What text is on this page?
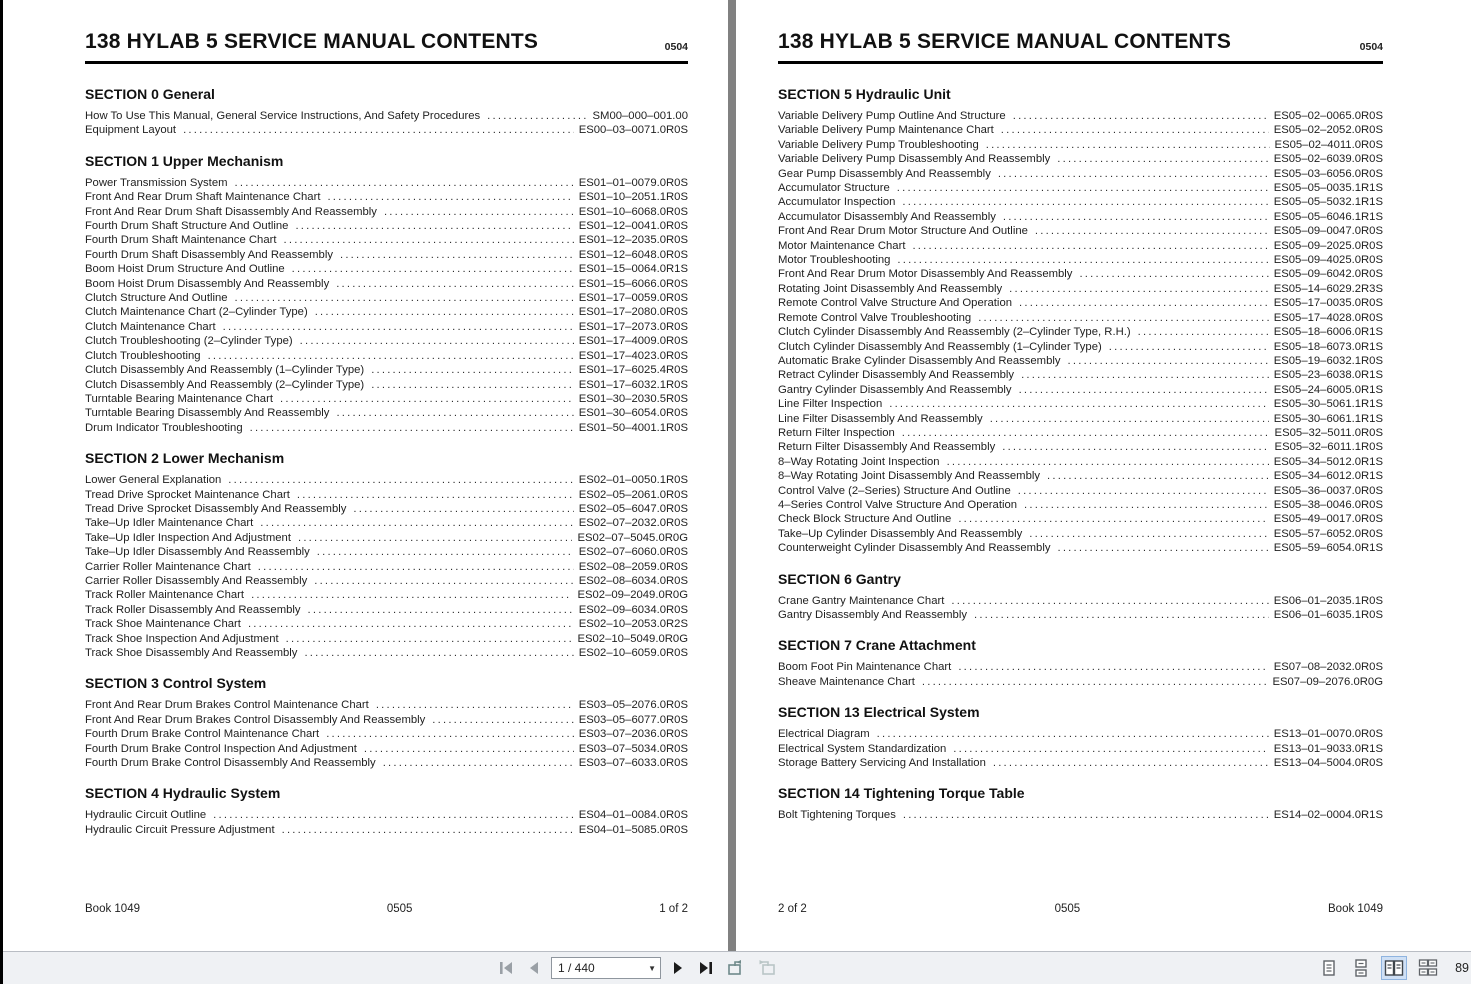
138 HYLAB 5 SERVICE MANUAL CONTENTS	0504
SECTION 0 General
How To Use This Manual, General Service Instructions, And Safety Procedures .....	SM00–000–001.00
Equipment Layout .....	ES00–03–0071.0R0S
SECTION 1 Upper Mechanism
Power Transmission System .....	ES01–01–0079.0R0S
Front And Rear Drum Shaft Maintenance Chart .....	ES01–10–2051.1R0S
Front And Rear Drum Shaft Disassembly And Reassembly .....	ES01–10–6068.0R0S
Fourth Drum Shaft Structure And Outline .....	ES01–12–0041.0R0S
Fourth Drum Shaft Maintenance Chart .....	ES01–12–2035.0R0S
Fourth Drum Shaft Disassembly And Reassembly .....	ES01–12–6048.0R0S
Boom Hoist Drum Structure And Outline .....	ES01–15–0064.0R1S
Boom Hoist Drum Disassembly And Reassembly .....	ES01–15–6066.0R0S
Clutch Structure And Outline .....	ES01–17–0059.0R0S
Clutch Maintenance Chart (2–Cylinder Type) .....	ES01–17–2080.0R0S
Clutch Maintenance Chart .....	ES01–17–2073.0R0S
Clutch Troubleshooting (2–Cylinder Type) .....	ES01–17–4009.0R0S
Clutch Troubleshooting .....	ES01–17–4023.0R0S
Clutch Disassembly And Reassembly (1–Cylinder Type) .....	ES01–17–6025.4R0S
Clutch Disassembly And Reassembly (2–Cylinder Type) .....	ES01–17–6032.1R0S
Turntable Bearing Maintenance Chart .....	ES01–30–2030.5R0S
Turntable Bearing Disassembly And Reassembly .....	ES01–30–6054.0R0S
Drum Indicator Troubleshooting .....	ES01–50–4001.1R0S
SECTION 2 Lower Mechanism
Lower General Explanation .....	ES02–01–0050.1R0S
Tread Drive Sprocket Maintenance Chart .....	ES02–05–2061.0R0S
Tread Drive Sprocket Disassembly And Reassembly .....	ES02–05–6047.0R0S
Take–Up Idler Maintenance Chart .....	ES02–07–2032.0R0S
Take–Up Idler Inspection And Adjustment .....	ES02–07–5045.0R0G
Take–Up Idler Disassembly And Reassembly .....	ES02–07–6060.0R0S
Carrier Roller Maintenance Chart .....	ES02–08–2059.0R0S
Carrier Roller Disassembly And Reassembly .....	ES02–08–6034.0R0S
Track Roller Maintenance Chart .....	ES02–09–2049.0R0G
Track Roller Disassembly And Reassembly .....	ES02–09–6034.0R0S
Track Shoe Maintenance Chart .....	ES02–10–2053.0R2S
Track Shoe Inspection And Adjustment .....	ES02–10–5049.0R0G
Track Shoe Disassembly And Reassembly .....	ES02–10–6059.0R0S
SECTION 3 Control System
Front And Rear Drum Brakes Control Maintenance Chart .....	ES03–05–2076.0R0S
Front And Rear Drum Brakes Control Disassembly And Reassembly .....	ES03–05–6077.0R0S
Fourth Drum Brake Control Maintenance Chart .....	ES03–07–2036.0R0S
Fourth Drum Brake Control Inspection And Adjustment .....	ES03–07–5034.0R0S
Fourth Drum Brake Control Disassembly And Reassembly .....	ES03–07–6033.0R0S
SECTION 4 Hydraulic System
Hydraulic Circuit Outline .....	ES04–01–0084.0R0S
Hydraulic Circuit Pressure Adjustment .....	ES04–01–5085.0R0S
Book 1049	0505	1 of 2
138 HYLAB 5 SERVICE MANUAL CONTENTS	0504
SECTION 5 Hydraulic Unit
Variable Delivery Pump Outline And Structure .....	ES05–02–0065.0R0S
Variable Delivery Pump Maintenance Chart .....	ES05–02–2052.0R0S
Variable Delivery Pump Troubleshooting .....	ES05–02–4011.0R0S
Variable Delivery Pump Disassembly And Reassembly .....	ES05–02–6039.0R0S
Gear Pump Disassembly And Reassembly .....	ES05–03–6056.0R0S
Accumulator Structure .....	ES05–05–0035.1R1S
Accumulator Inspection .....	ES05–05–5032.1R1S
Accumulator Disassembly And Reassembly .....	ES05–05–6046.1R1S
Front And Rear Drum Motor Structure And Outline .....	ES05–09–0047.0R0S
Motor Maintenance Chart .....	ES05–09–2025.0R0S
Motor Troubleshooting .....	ES05–09–4025.0R0S
Front And Rear Drum Motor Disassembly And Reassembly .....	ES05–09–6042.0R0S
Rotating Joint Disassembly And Reassembly .....	ES05–14–6029.2R3S
Remote Control Valve Structure And Operation .....	ES05–17–0035.0R0S
Remote Control Valve Troubleshooting .....	ES05–17–4028.0R0S
Clutch Cylinder Disassembly And Reassembly (2–Cylinder Type, R.H.) .....	ES05–18–6006.0R1S
Clutch Cylinder Disassembly And Reassembly (1–Cylinder Type) .....	ES05–18–6073.0R1S
Automatic Brake Cylinder Disassembly And Reassembly .....	ES05–19–6032.1R0S
Retract Cylinder Disassembly And Reassembly .....	ES05–23–6038.0R1S
Gantry Cylinder Disassembly And Reassembly .....	ES05–24–6005.0R1S
Line Filter Inspection .....	ES05–30–5061.1R1S
Line Filter Disassembly And Reassembly .....	ES05–30–6061.1R1S
Return Filter Inspection .....	ES05–32–5011.0R0S
Return Filter Disassembly And Reassembly .....	ES05–32–6011.1R0S
8–Way Rotating Joint Inspection .....	ES05–34–5012.0R1S
8–Way Rotating Joint Disassembly And Reassembly .....	ES05–34–6012.0R1S
Control Valve (2–Series) Structure And Outline .....	ES05–36–0037.0R0S
4–Series Control Valve Structure And Operation .....	ES05–38–0046.0R0S
Check Block Structure And Outline .....	ES05–49–0017.0R0S
Take–Up Cylinder Disassembly And Reassembly .....	ES05–57–6052.0R0S
Counterweight Cylinder Disassembly And Reassembly .....	ES05–59–6054.0R1S
SECTION 6 Gantry
Crane Gantry Maintenance Chart .....	ES06–01–2035.1R0S
Gantry Disassembly And Reassembly .....	ES06–01–6035.1R0S
SECTION 7 Crane Attachment
Boom Foot Pin Maintenance Chart .....	ES07–08–2032.0R0S
Sheave Maintenance Chart .....	ES07–09–2076.0R0G
SECTION 13 Electrical System
Electrical Diagram .....	ES13–01–0070.0R0S
Electrical System Standardization .....	ES13–01–9033.0R1S
Storage Battery Servicing And Installation .....	ES13–04–5004.0R0S
SECTION 14 Tightening Torque Table
Bolt Tightening Torques .....	ES14–02–0004.0R1S
2 of 2	0505	Book 1049
1 / 440
▼	89
